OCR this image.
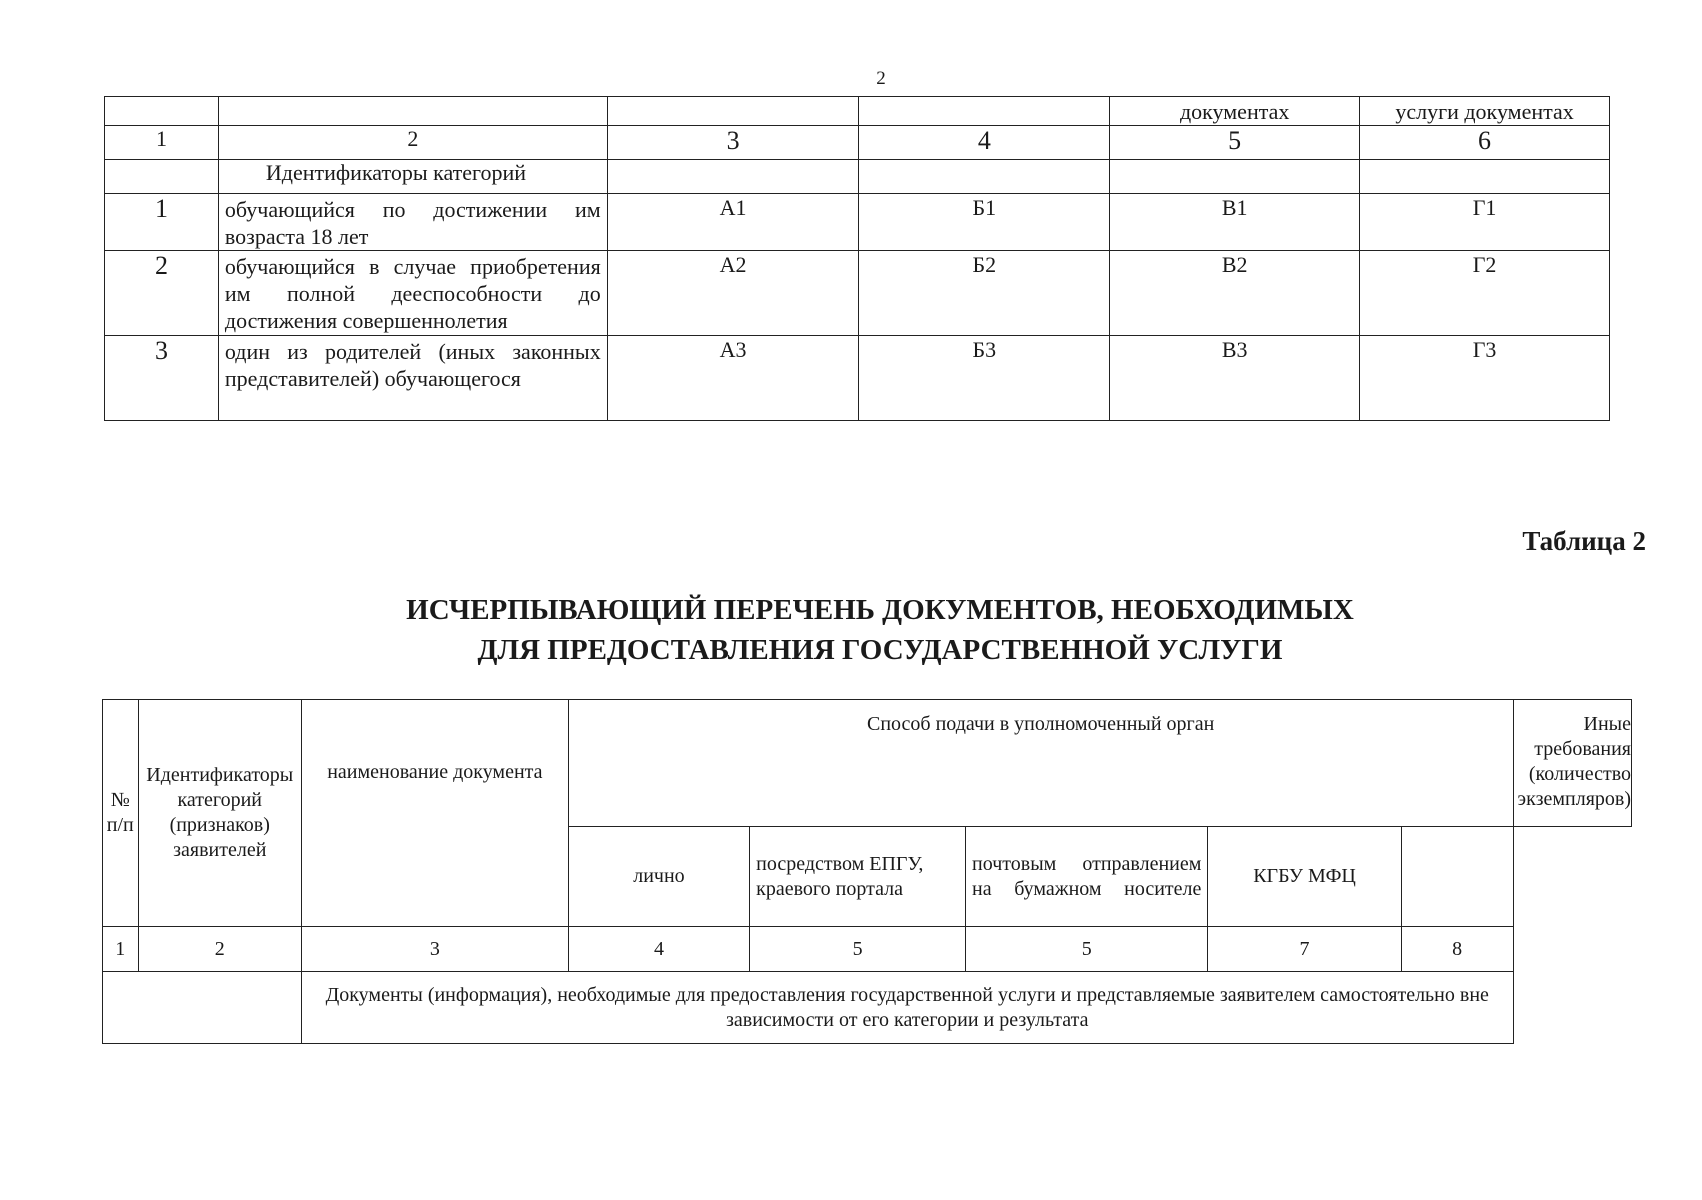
2
				документах	услуги документах
1	2	3	4	5	6
	Идентификаторы категорий				
1	обучающийся по достижении им возраста 18 лет	А1	Б1	В1	Г1
2	обучающийся в случае приобретения им полной дееспособности до достижения совершеннолетия	А2	Б2	В2	Г2
3	один из родителей (иных законных представителей) обучающегося	А3	Б3	В3	Г3
Таблица 2
ИСЧЕРПЫВАЮЩИЙ ПЕРЕЧЕНЬ ДОКУМЕНТОВ, НЕОБХОДИМЫХ
ДЛЯ ПРЕДОСТАВЛЕНИЯ ГОСУДАРСТВЕННОЙ УСЛУГИ
№ п/п	Идентификаторы категорий (признаков) заявителей	наименование документа	Способ подачи в уполномоченный орган					Иные требования (количество экземпляров)
			лично	посредством ЕПГУ, краевого портала	почтовым отправлением на бумажном носителе	КГБУ МФЦ		
1	2	3	4	5	5	7	8	
		Документы (информация), необходимые для предоставления государственной услуги и представляемые заявителем самостоятельно вне зависимости от его категории и результата						
